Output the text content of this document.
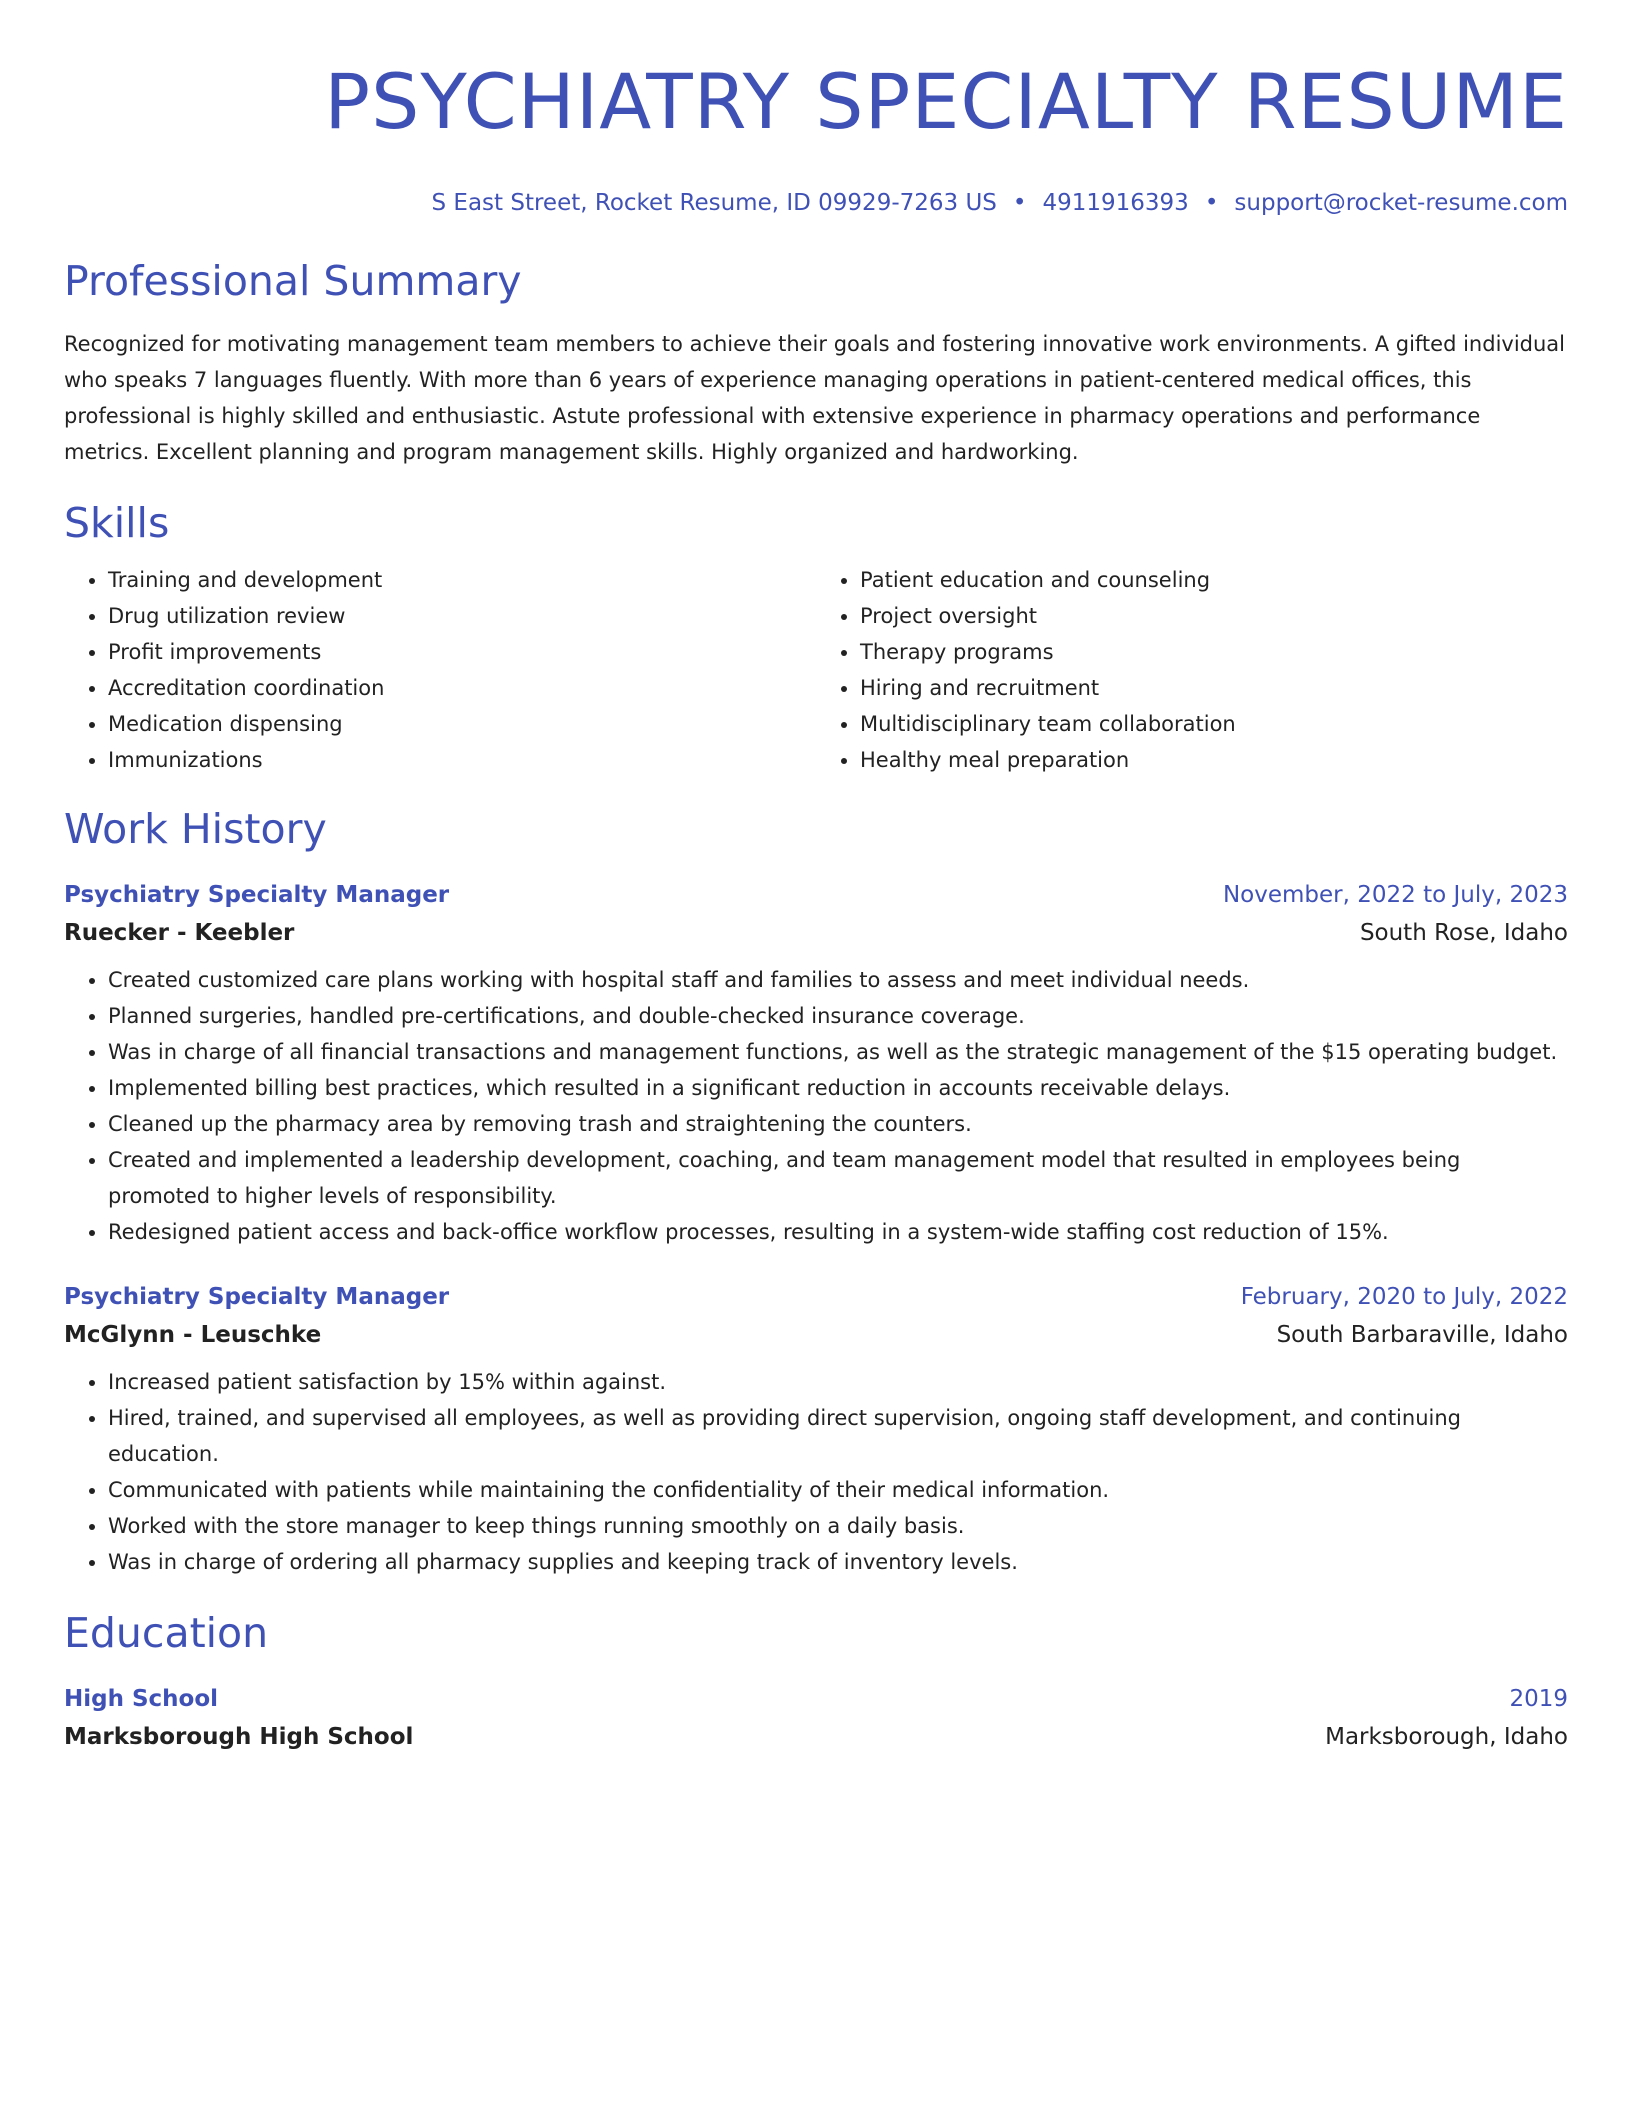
PSYCHIATRY SPECIALTY RESUME
S East Street, Rocket Resume, ID 09929-7263 US • 4911916393 • support@rocket-resume.com
Professional Summary
Recognized for motivating management team members to achieve their goals and fostering innovative work environments. A gifted individual who speaks 7 languages fluently. With more than 6 years of experience managing operations in patient-centered medical offices, this professional is highly skilled and enthusiastic. Astute professional with extensive experience in pharmacy operations and performance metrics. Excellent planning and program management skills. Highly organized and hardworking.
Skills
• Training and development
• Drug utilization review
• Profit improvements
• Accreditation coordination
• Medication dispensing
• Immunizations
• Patient education and counseling
• Project oversight
• Therapy programs
• Hiring and recruitment
• Multidisciplinary team collaboration
• Healthy meal preparation
Work History
Psychiatry Specialty Manager	November, 2022 to July, 2023
Ruecker - Keebler	South Rose, Idaho
• Created customized care plans working with hospital staff and families to assess and meet individual needs.
• Planned surgeries, handled pre-certifications, and double-checked insurance coverage.
• Was in charge of all financial transactions and management functions, as well as the strategic management of the $15 operating budget.
• Implemented billing best practices, which resulted in a significant reduction in accounts receivable delays.
• Cleaned up the pharmacy area by removing trash and straightening the counters.
• Created and implemented a leadership development, coaching, and team management model that resulted in employees being promoted to higher levels of responsibility.
• Redesigned patient access and back-office workflow processes, resulting in a system-wide staffing cost reduction of 15%.
Psychiatry Specialty Manager	February, 2020 to July, 2022
McGlynn - Leuschke	South Barbaraville, Idaho
• Increased patient satisfaction by 15% within against.
• Hired, trained, and supervised all employees, as well as providing direct supervision, ongoing staff development, and continuing education.
• Communicated with patients while maintaining the confidentiality of their medical information.
• Worked with the store manager to keep things running smoothly on a daily basis.
• Was in charge of ordering all pharmacy supplies and keeping track of inventory levels.
Education
High School	2019
Marksborough High School	Marksborough, Idaho
